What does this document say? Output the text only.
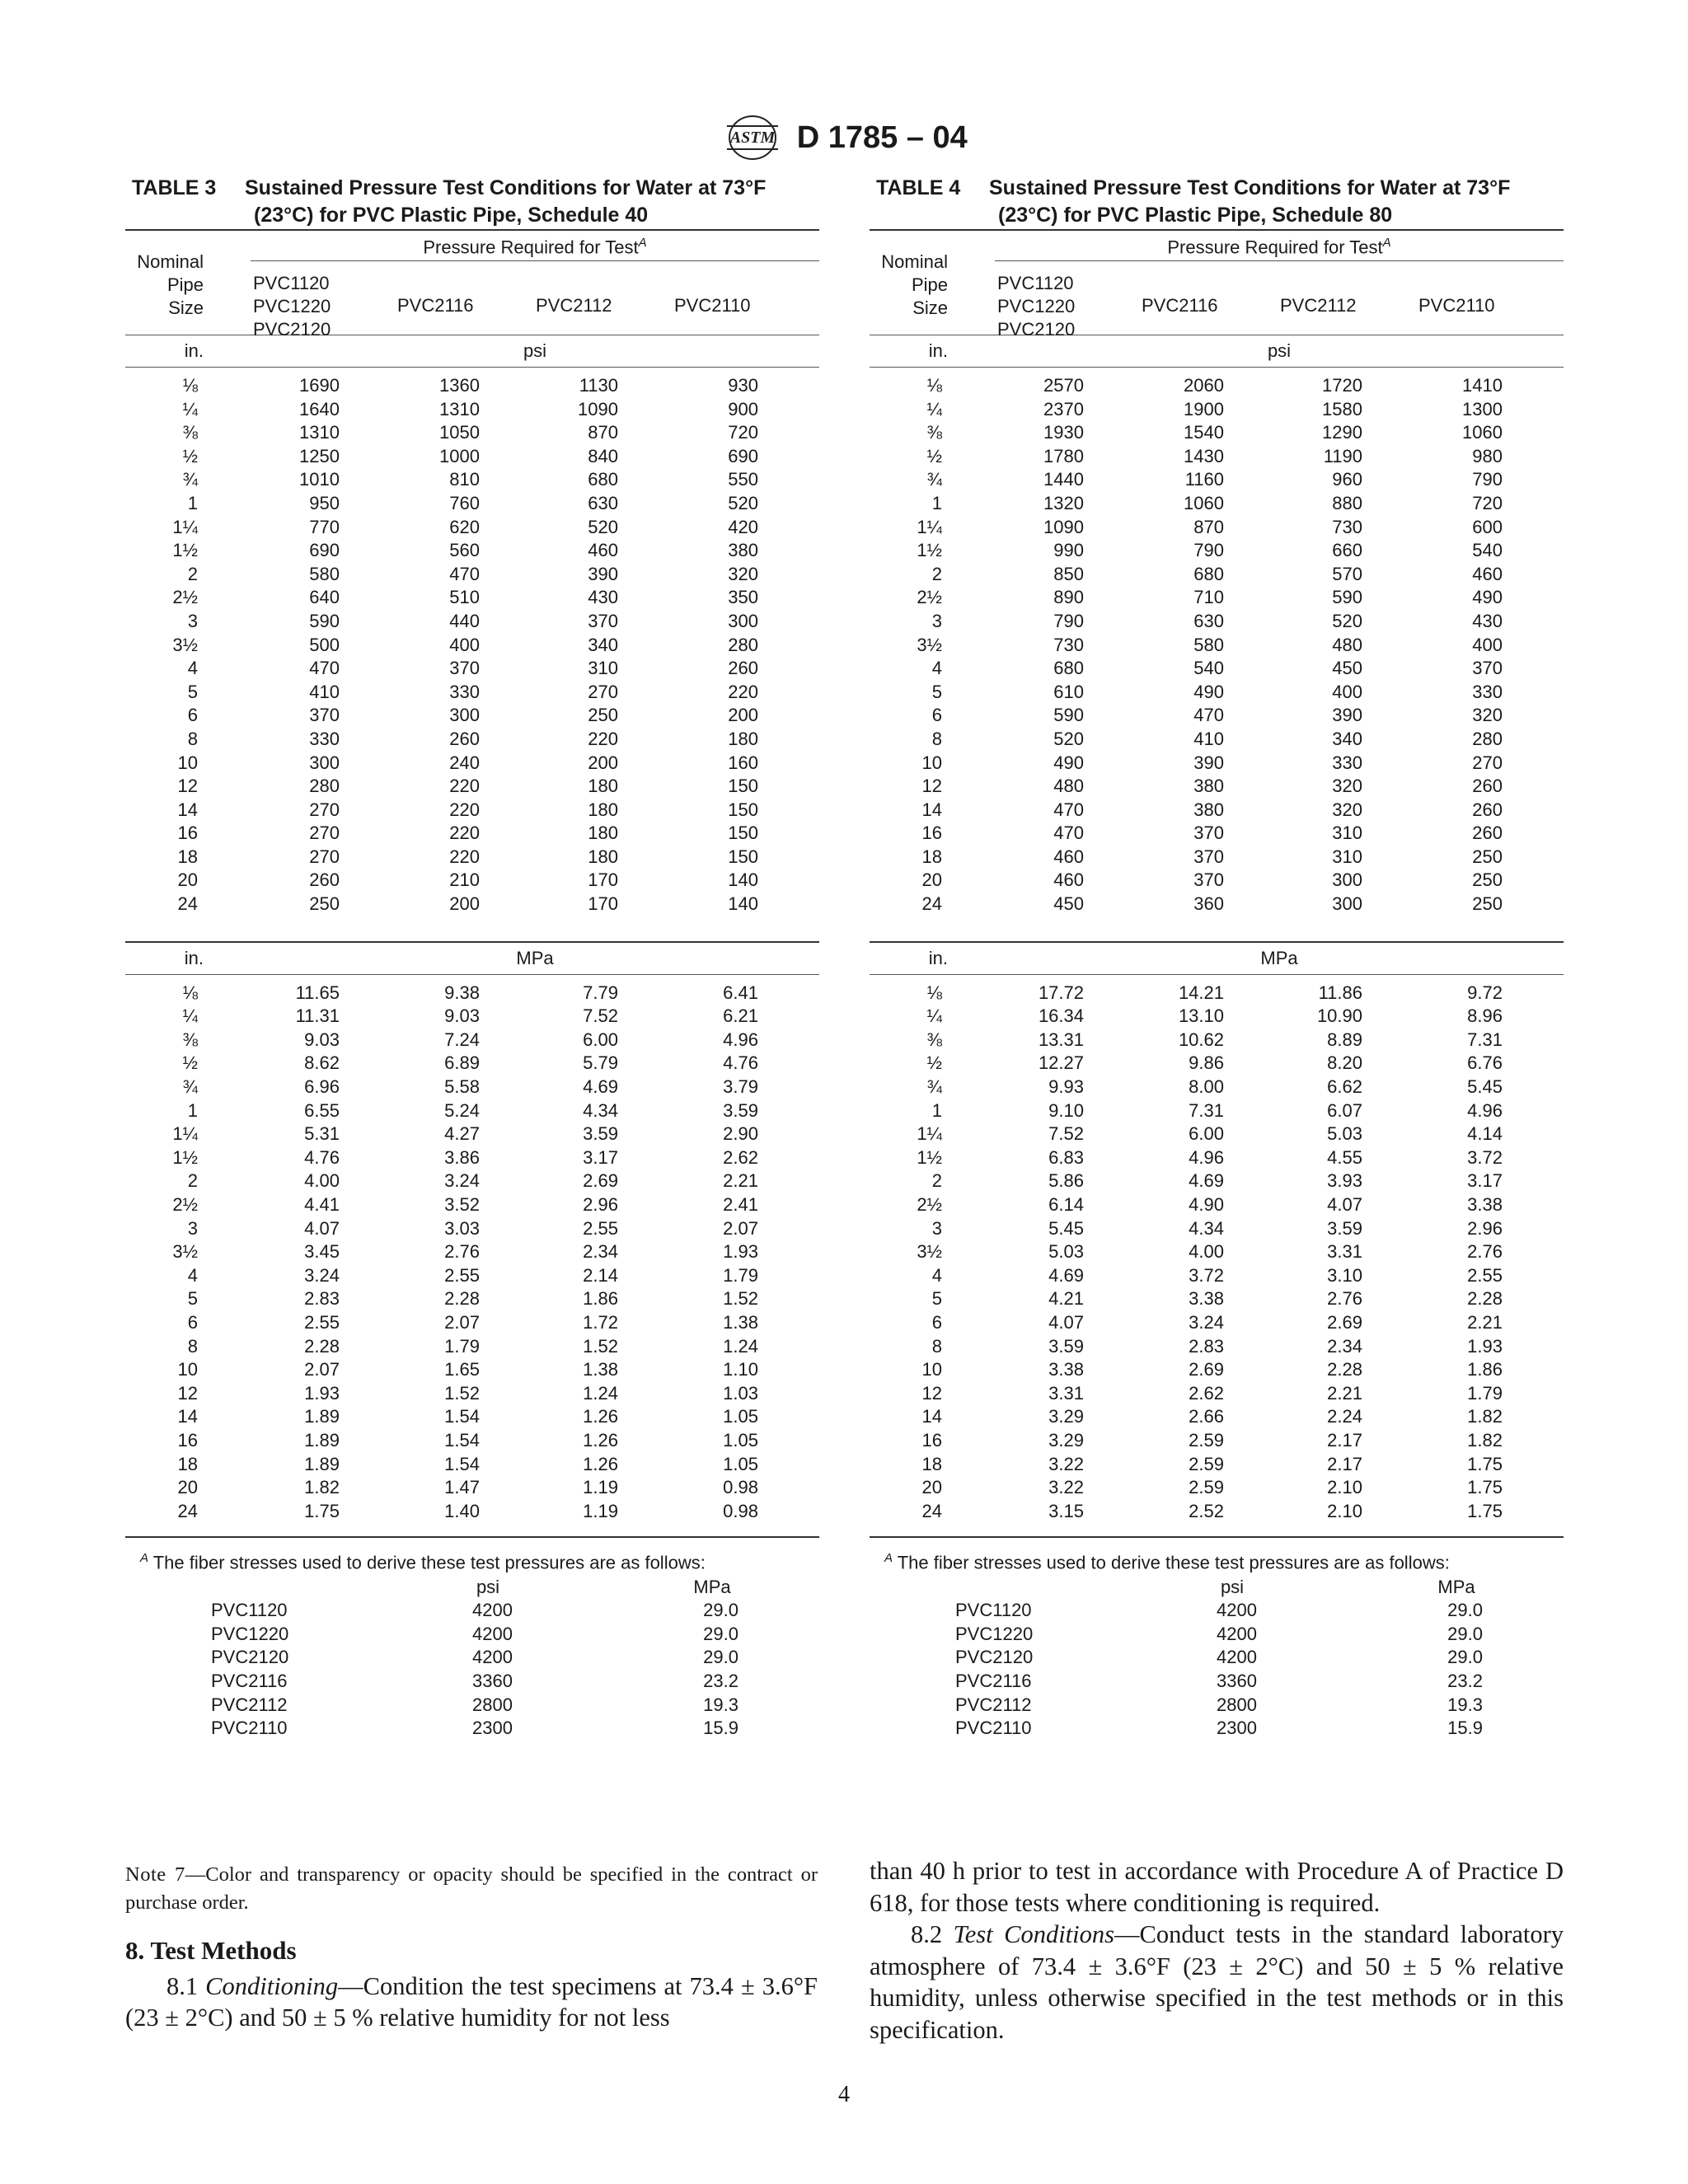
ASTM D 1785 – 04
TABLE 3 Sustained Pressure Test Conditions for Water at 73°F
(23°C) for PVC Plastic Pipe, Schedule 40
Nominal
Pipe
Size
Pressure Required for Test$^A$
PVC1120
PVC1220
PVC2120
PVC2116	PVC2112	PVC2110
in.	psi
⅛	1690	1360	1130	930
¼	1640	1310	1090	900
⅜	1310	1050	870	720
½	1250	1000	840	690
¾	1010	810	680	550
1	950	760	630	520
1¼	770	620	520	420
1½	690	560	460	380
2	580	470	390	320
2½	640	510	430	350
3	590	440	370	300
3½	500	400	340	280
4	470	370	310	260
5	410	330	270	220
6	370	300	250	200
8	330	260	220	180
10	300	240	200	160
12	280	220	180	150
14	270	220	180	150
16	270	220	180	150
18	270	220	180	150
20	260	210	170	140
24	250	200	170	140
in.	MPa
⅛	11.65	9.38	7.79	6.41
¼	11.31	9.03	7.52	6.21
⅜	9.03	7.24	6.00	4.96
½	8.62	6.89	5.79	4.76
¾	6.96	5.58	4.69	3.79
1	6.55	5.24	4.34	3.59
1¼	5.31	4.27	3.59	2.90
1½	4.76	3.86	3.17	2.62
2	4.00	3.24	2.69	2.21
2½	4.41	3.52	2.96	2.41
3	4.07	3.03	2.55	2.07
3½	3.45	2.76	2.34	1.93
4	3.24	2.55	2.14	1.79
5	2.83	2.28	1.86	1.52
6	2.55	2.07	1.72	1.38
8	2.28	1.79	1.52	1.24
10	2.07	1.65	1.38	1.10
12	1.93	1.52	1.24	1.03
14	1.89	1.54	1.26	1.05
16	1.89	1.54	1.26	1.05
18	1.89	1.54	1.26	1.05
20	1.82	1.47	1.19	0.98
24	1.75	1.40	1.19	0.98
$^A$ The fiber stresses used to derive these test pressures are as follows:
psi	MPa
PVC1120	4200	29.0
PVC1220	4200	29.0
PVC2120	4200	29.0
PVC2116	3360	23.2
PVC2112	2800	19.3
PVC2110	2300	15.9
TABLE 4 Sustained Pressure Test Conditions for Water at 73°F
(23°C) for PVC Plastic Pipe, Schedule 80
Nominal
Pipe
Size
Pressure Required for Test$^A$
PVC1120
PVC1220
PVC2120
PVC2116	PVC2112	PVC2110
in.	psi
⅛	2570	2060	1720	1410
¼	2370	1900	1580	1300
⅜	1930	1540	1290	1060
½	1780	1430	1190	980
¾	1440	1160	960	790
1	1320	1060	880	720
1¼	1090	870	730	600
1½	990	790	660	540
2	850	680	570	460
2½	890	710	590	490
3	790	630	520	430
3½	730	580	480	400
4	680	540	450	370
5	610	490	400	330
6	590	470	390	320
8	520	410	340	280
10	490	390	330	270
12	480	380	320	260
14	470	380	320	260
16	470	370	310	260
18	460	370	310	250
20	460	370	300	250
24	450	360	300	250
in.	MPa
⅛	17.72	14.21	11.86	9.72
¼	16.34	13.10	10.90	8.96
⅜	13.31	10.62	8.89	7.31
½	12.27	9.86	8.20	6.76
¾	9.93	8.00	6.62	5.45
1	9.10	7.31	6.07	4.96
1¼	7.52	6.00	5.03	4.14
1½	6.83	4.96	4.55	3.72
2	5.86	4.69	3.93	3.17
2½	6.14	4.90	4.07	3.38
3	5.45	4.34	3.59	2.96
3½	5.03	4.00	3.31	2.76
4	4.69	3.72	3.10	2.55
5	4.21	3.38	2.76	2.28
6	4.07	3.24	2.69	2.21
8	3.59	2.83	2.34	1.93
10	3.38	2.69	2.28	1.86
12	3.31	2.62	2.21	1.79
14	3.29	2.66	2.24	1.82
16	3.29	2.59	2.17	1.82
18	3.22	2.59	2.17	1.75
20	3.22	2.59	2.10	1.75
24	3.15	2.52	2.10	1.75
$^A$ The fiber stresses used to derive these test pressures are as follows:
psi	MPa
PVC1120	4200	29.0
PVC1220	4200	29.0
PVC2120	4200	29.0
PVC2116	3360	23.2
PVC2112	2800	19.3
PVC2110	2300	15.9
Note 7—Color and transparency or opacity should be specified in the contract or purchase order.
8. Test Methods
8.1 Conditioning—Condition the test specimens at 73.4 ± 3.6°F (23 ± 2°C) and 50 ± 5 % relative humidity for not less
than 40 h prior to test in accordance with Procedure A of Practice D 618, for those tests where conditioning is required.
8.2 Test Conditions—Conduct tests in the standard laboratory atmosphere of 73.4 ± 3.6°F (23 ± 2°C) and 50 ± 5 % relative humidity, unless otherwise specified in the test methods or in this specification.
4
